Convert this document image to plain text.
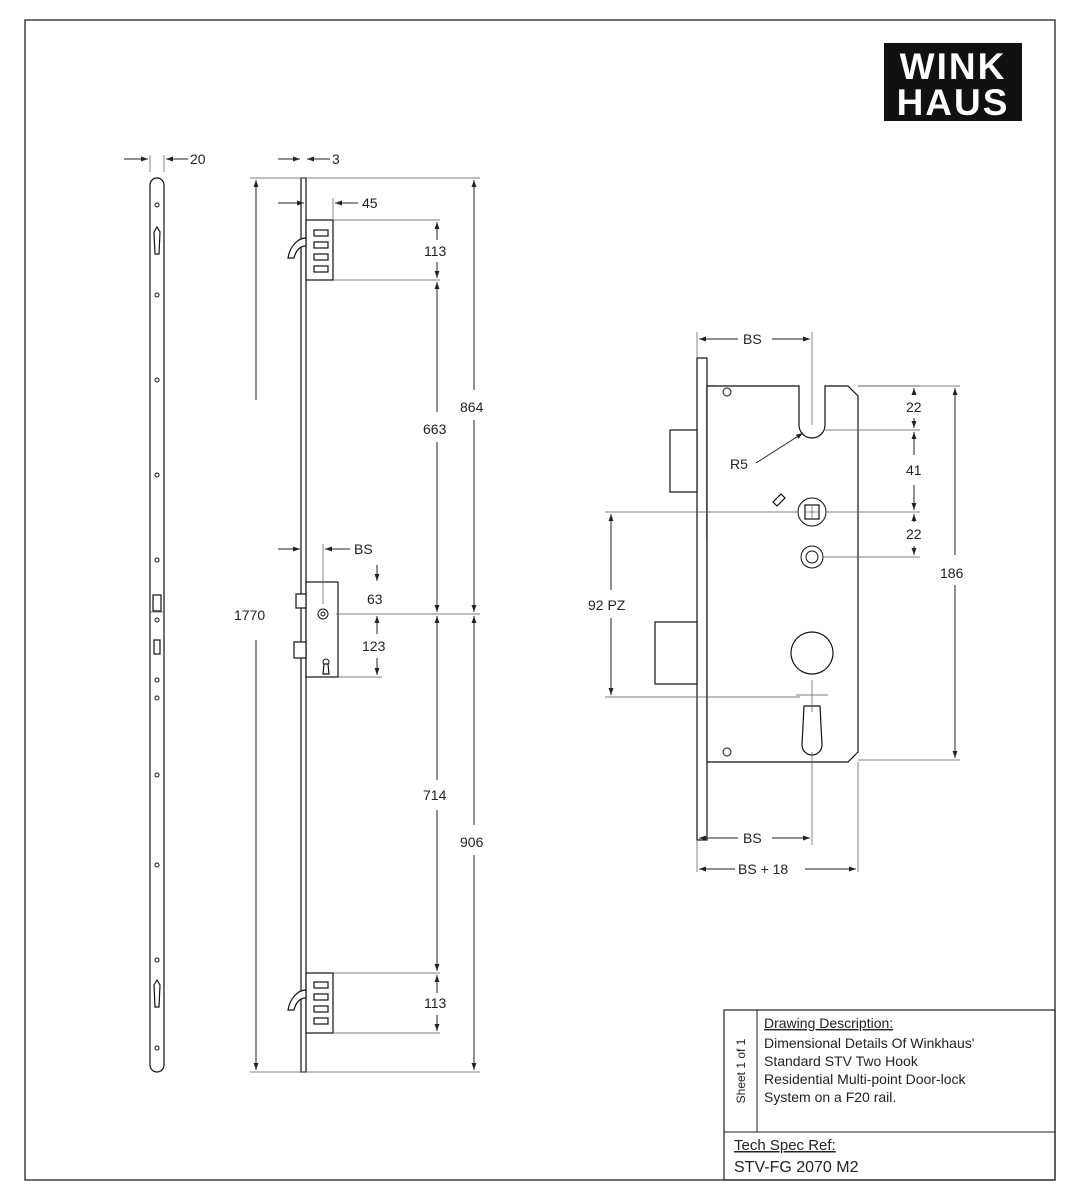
WINK
HAUS
20	3
1770
864
906
45
113
663
714
113
BS
63
123
BS
22
41
22
R5
186
92 PZ
BS
BS + 18
Sheet 1 of 1
Drawing Description:
Dimensional Details Of Winkhaus'
Standard STV Two Hook
Residential Multi-point Door-lock
System on a F20 rail.
Tech Spec Ref:
STV-FG 2070 M2
